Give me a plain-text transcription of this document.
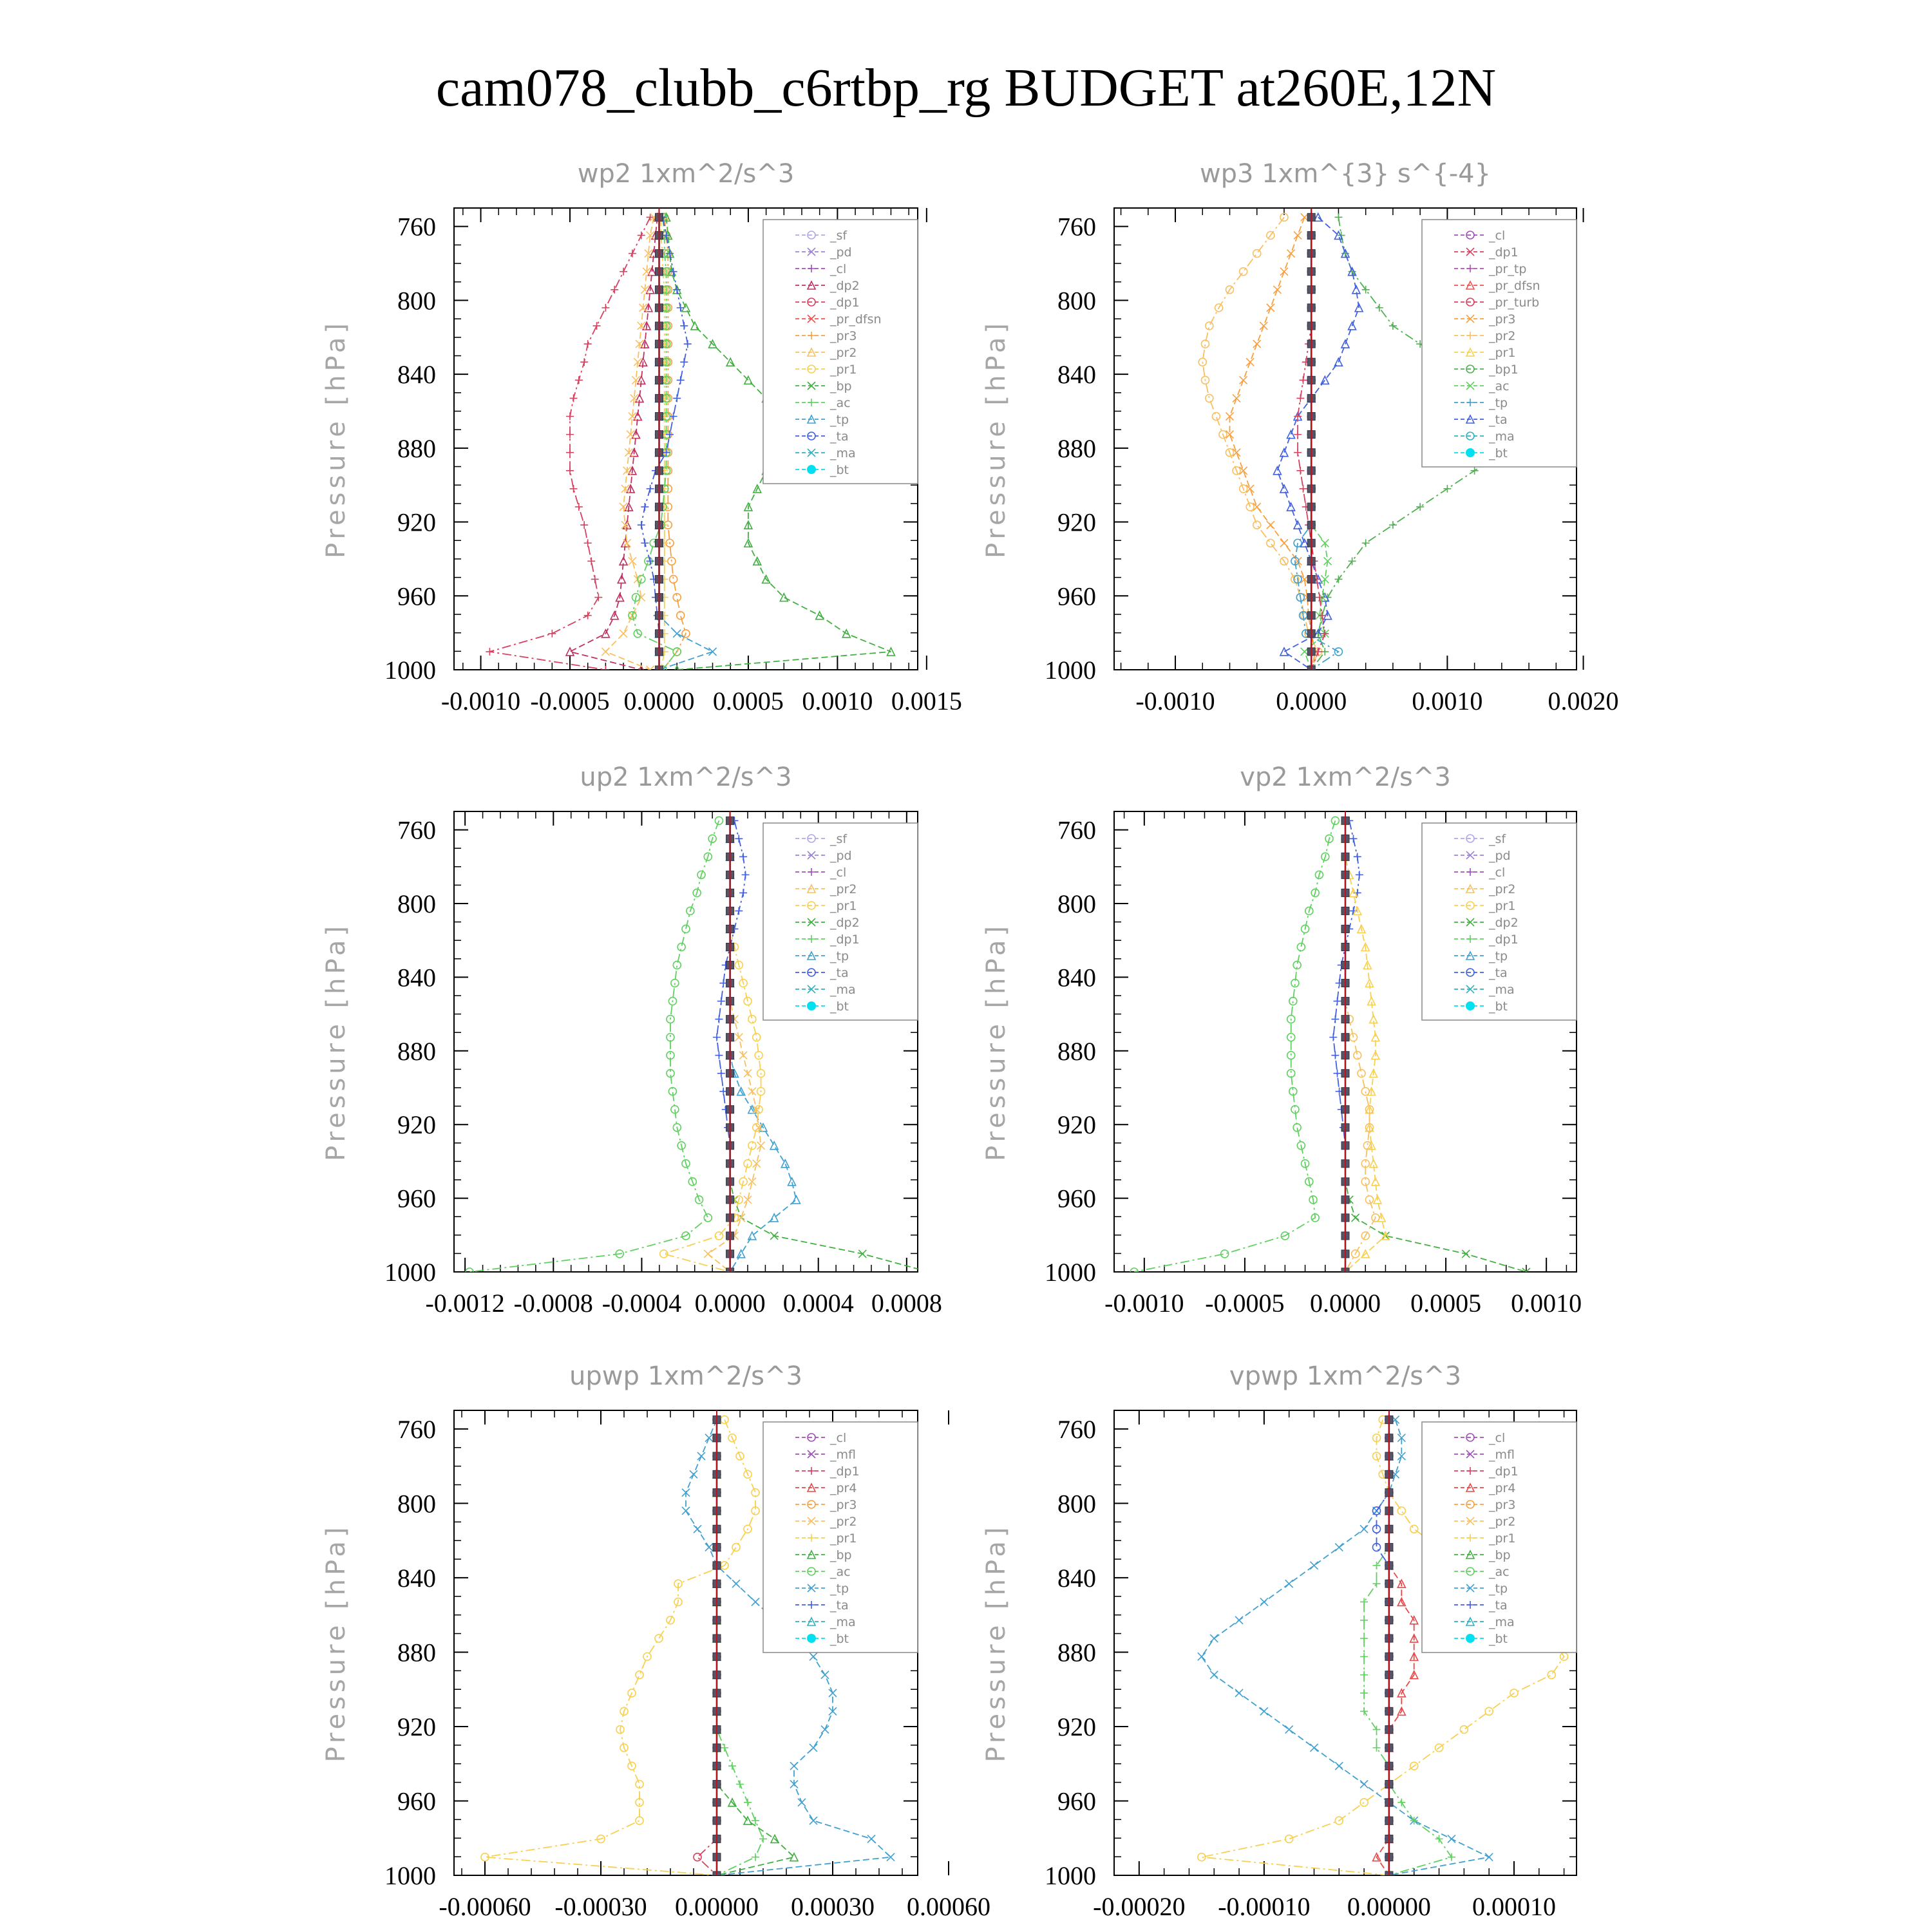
cam078_clubb_c6rtbp_rg BUDGET at260E,12N
760
800
840
880
920
960
1000
-0.0010 -0.0005 0.0000 0.0005 0.0010 0.0015
wp2 1xm^2/s^3
Pressure [hPa]
_sf
_pd
_cl
_dp2
_dp1
_pr_dfsn
_pr3
_pr2
_pr1
_bp
_ac
_tp
_ta
_ma
_bt
760
800
840
880
920
960
1000
-0.0010 0.0000	0.0010	0.0020
wp3 1xm^{3} s^{-4}
Pressure [hPa]
_cl
_dp1
_pr_tp
_pr_dfsn
_pr_turb
_pr3
_pr2
_pr1
_bp1
_ac
_tp
_ta
_ma
_bt
760
800
840
880
920
960
1000
-0.0012 -0.0008 -0.0004 0.0000 0.0004 0.0008
up2 1xm^2/s^3
Pressure [hPa]
_sf
_pd
_cl
_pr2
_pr1
_dp2
_dp1
_tp
_ta
_ma
_bt
760
800
840
880
920
960
1000
-0.0010 -0.0005 0.0000 0.0005 0.0010
vp2 1xm^2/s^3
Pressure [hPa]
_sf
_pd
_cl
_pr2
_pr1
_dp2
_dp1
_tp
_ta
_ma
_bt
760
800
840
880
920
960
1000
-0.00060 -0.00030 0.00000 0.00030 0.00060
upwp 1xm^2/s^3
Pressure [hPa]
_cl
_mfl
_dp1
_pr4
_pr3
_pr2
_pr1
_bp
_ac
_tp
_ta
_ma
_bt
760
800
840
880
920
960
1000
-0.00020 -0.00010 0.00000 0.00010
vpwp 1xm^2/s^3
Pressure [hPa]
_cl
_mfl
_dp1
_pr4
_pr3
_pr2
_pr1
_bp
_ac
_tp
_ta
_ma
_bt
